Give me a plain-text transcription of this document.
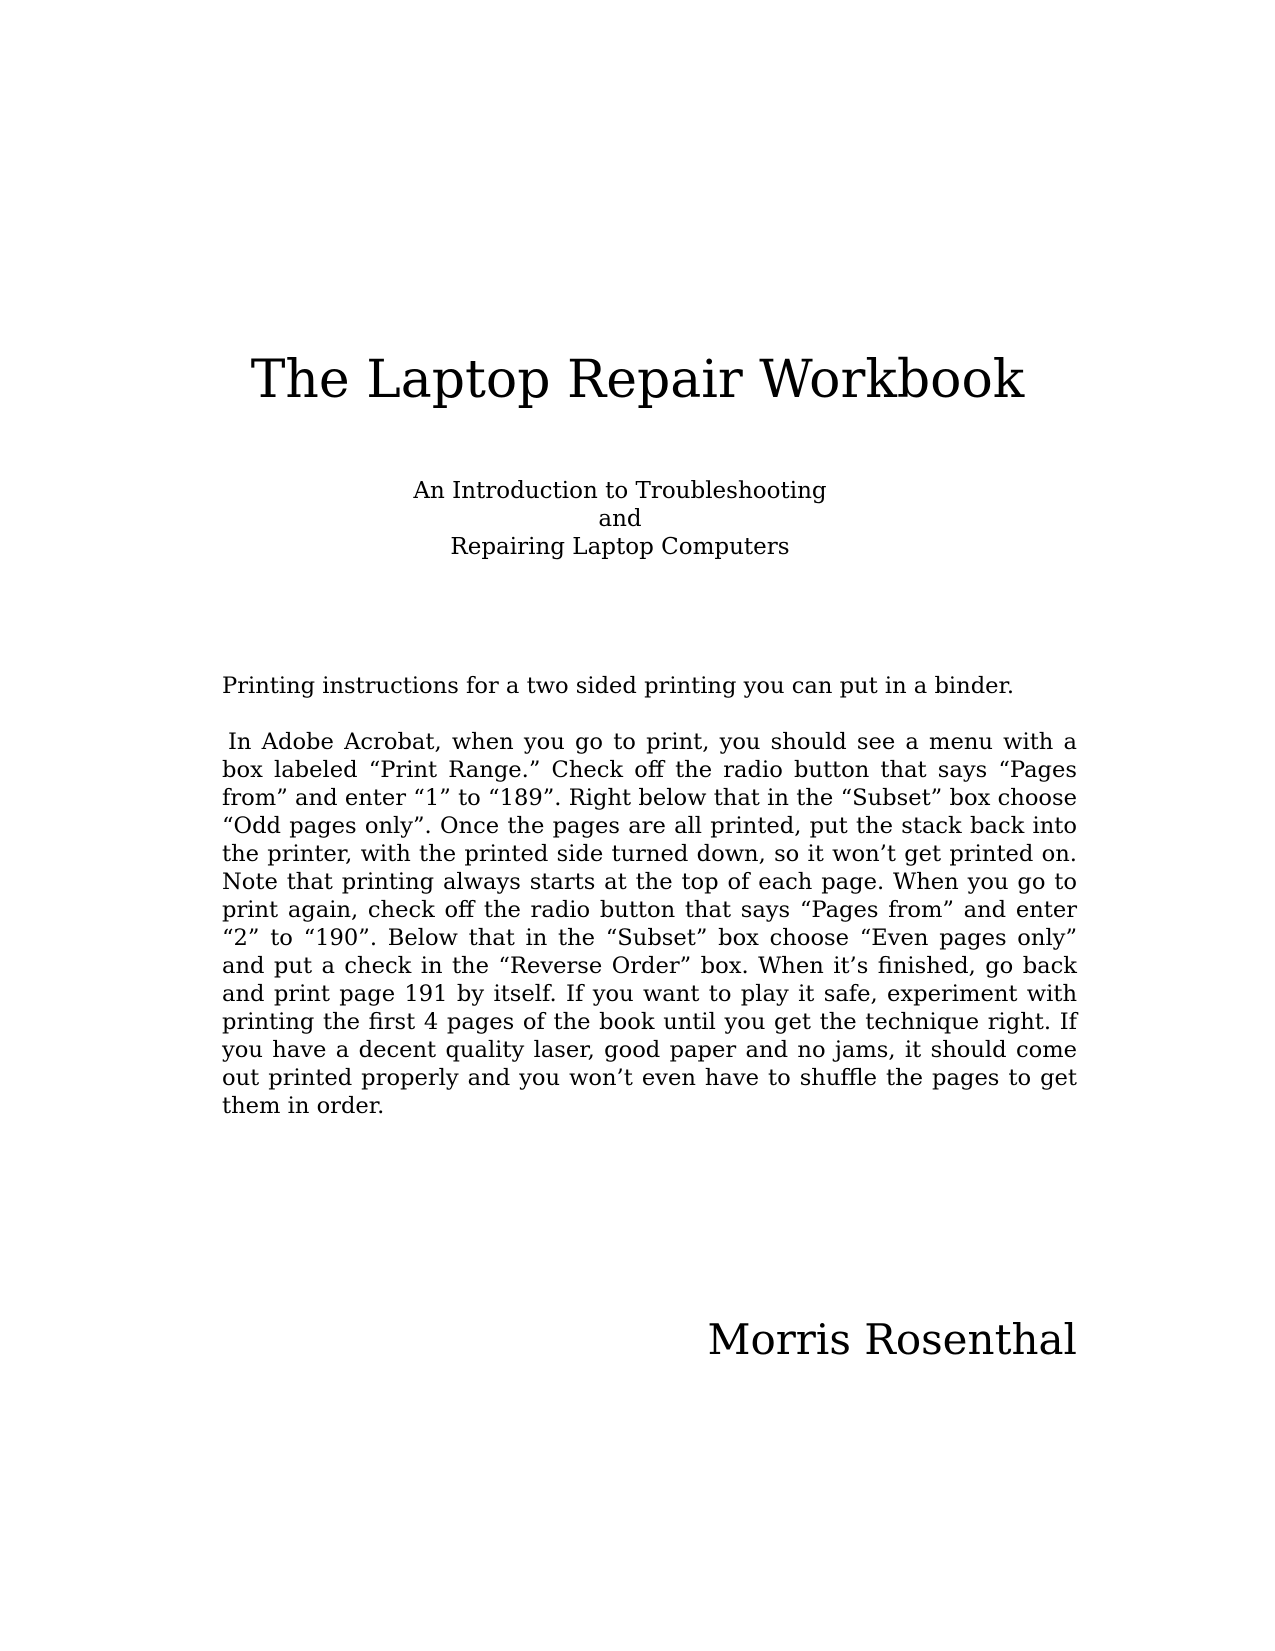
The Laptop Repair Workbook
An Introduction to Troubleshooting and
Repairing Laptop Computers

Printing instructions for a two sided printing you can put in a binder.

In Adobe Acrobat, when you go to print, you should see a menu with a box labeled “Print Range.” Check off the radio button that says “Pages from” and enter “1” to “189”. Right below that in the “Subset” box choose “Odd pages only”. Once the pages are all printed, put the stack back into the printer, with the printed side turned down, so it won’t get printed on. Note that printing always starts at the top of each page. When you go to print again, check off the radio button that says “Pages from” and enter “2” to “190”. Below that in the “Subset” box choose “Even pages only” and put a check in the “Reverse Order” box. When it’s finished, go back and print page 191 by itself. If you want to play it safe, experiment with printing the first 4 pages of the book until you get the technique right. If you have a decent quality laser, good paper and no jams, it should come out printed properly and you won’t even have to shuffle the pages to get them in order.

Morris Rosenthal
